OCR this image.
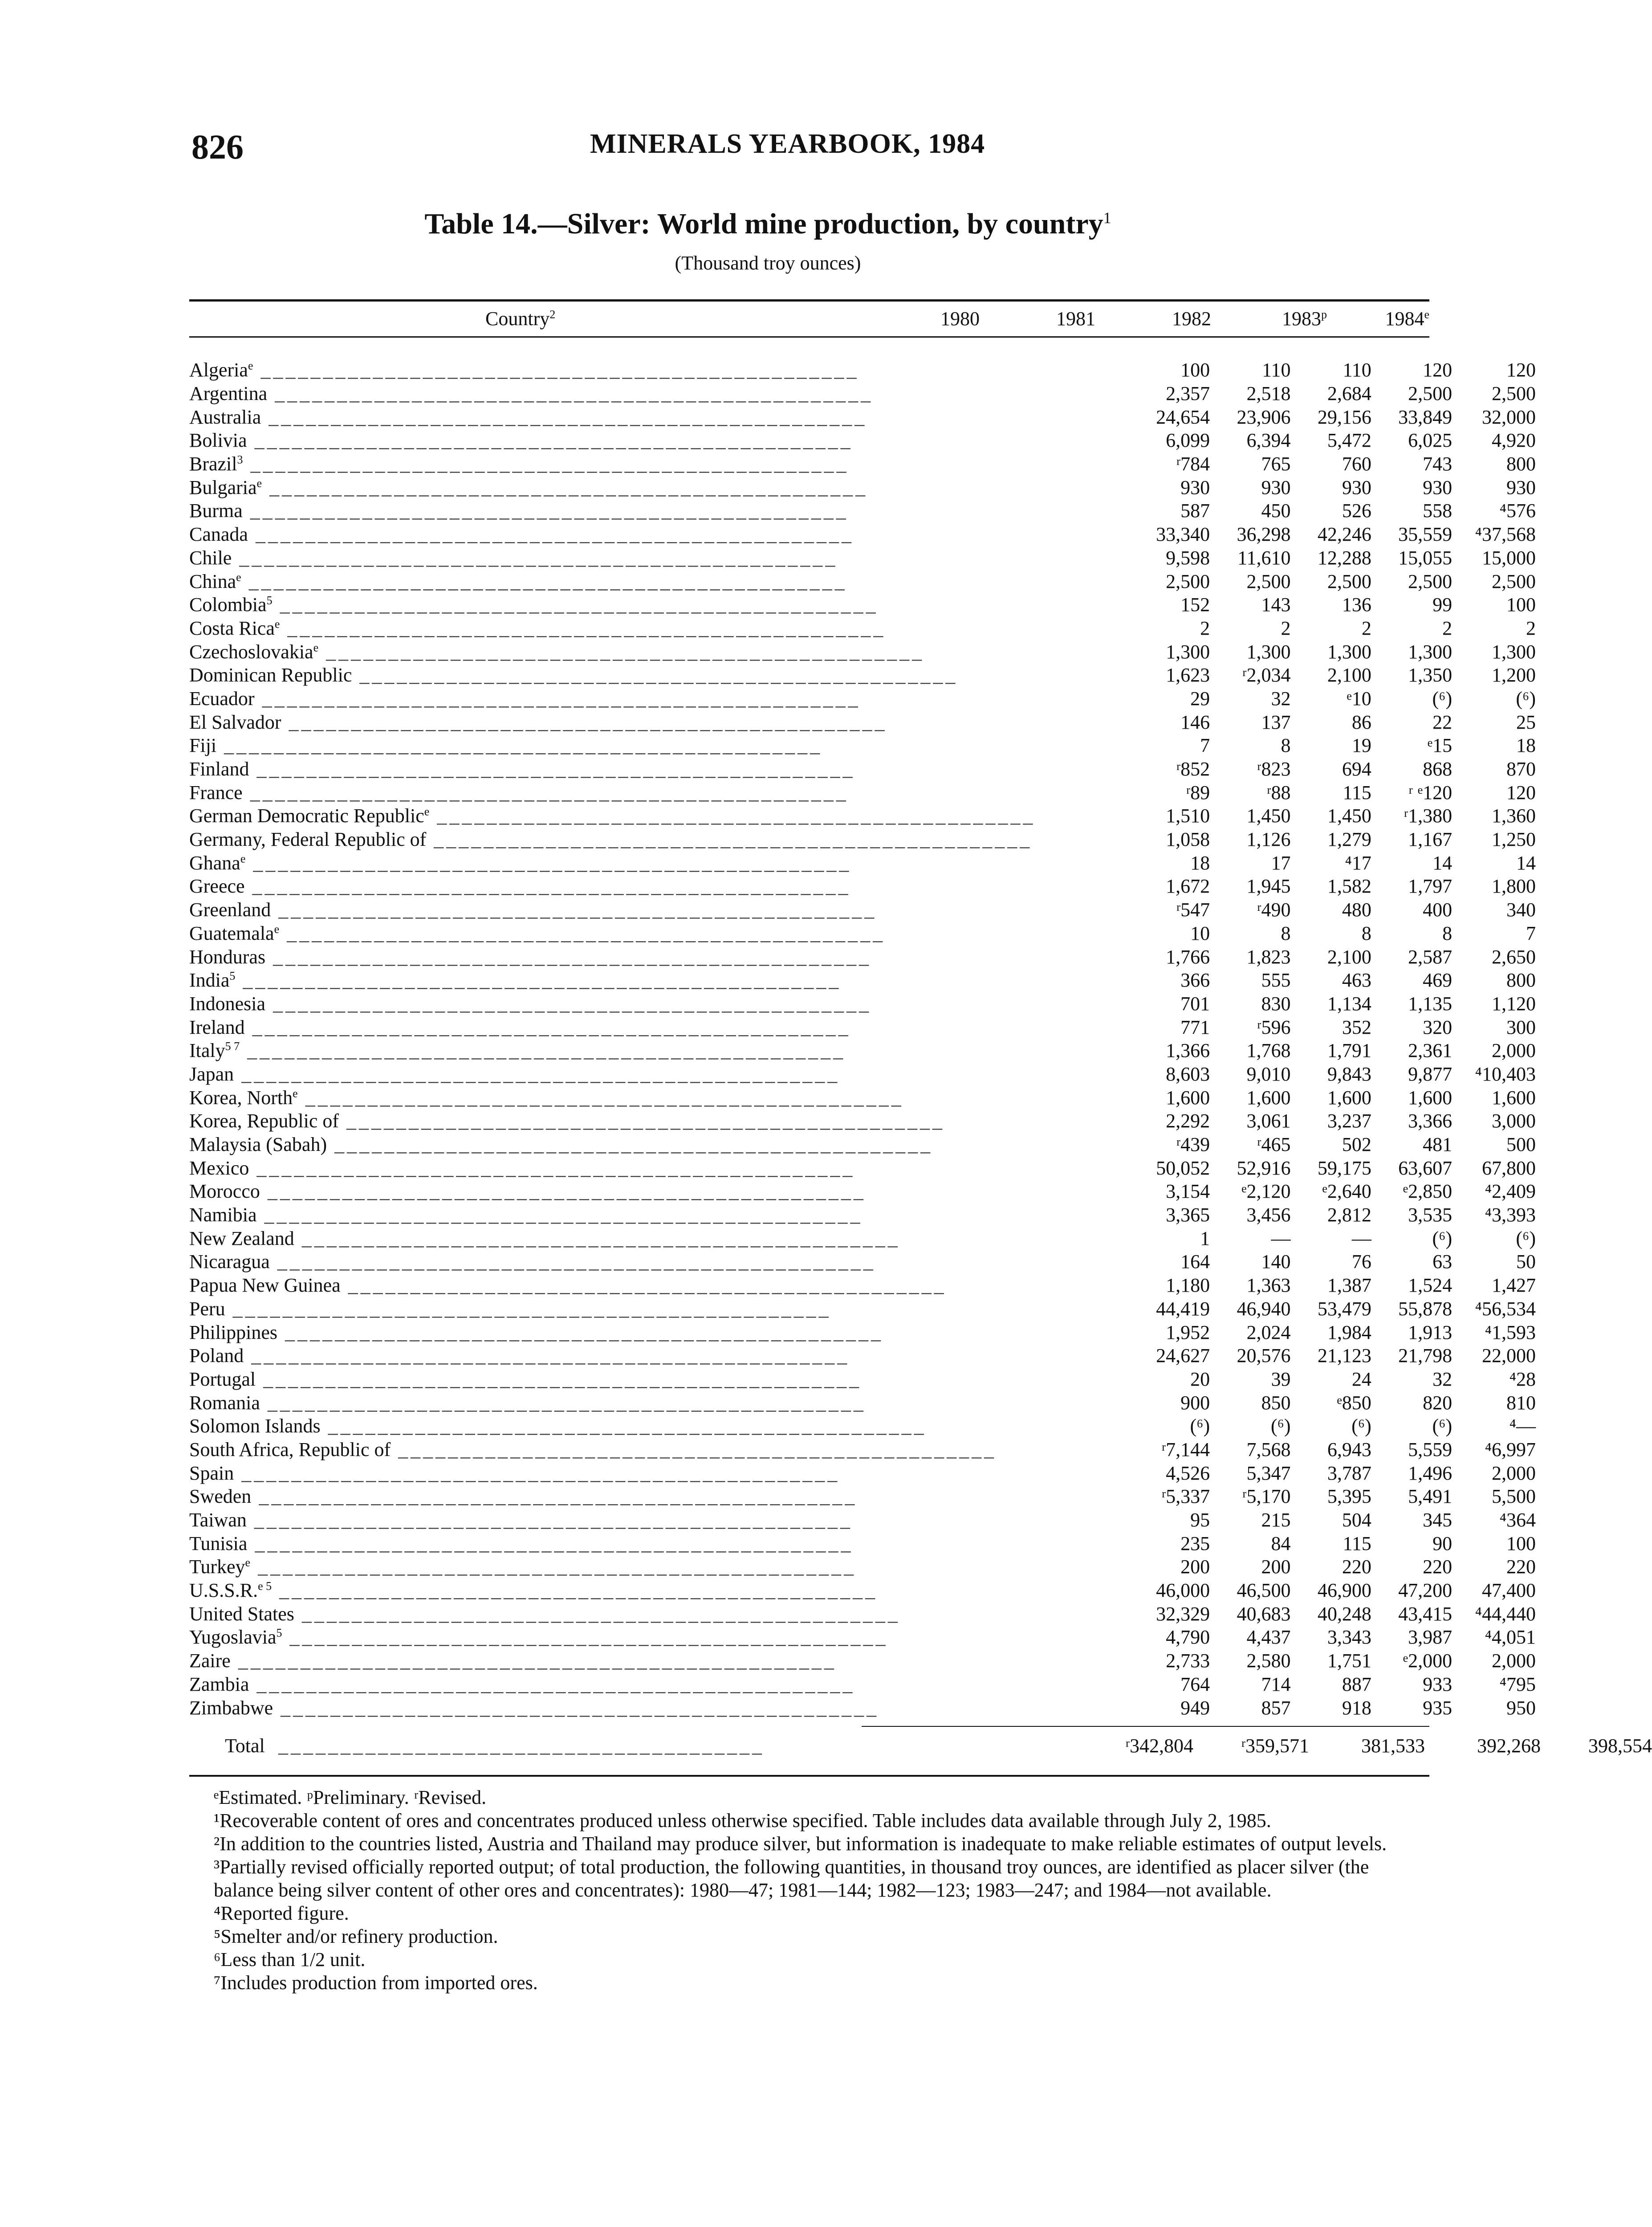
826	MINERALS YEARBOOK, 1984
Table 14.—Silver: World mine production, by country$^1$
(Thousand troy ounces)
Country$^2$	1980	1981	1982	1983$^p$	1984e
Algeria$^e$ ________________________________________________	100	110	110	120	120
Argentina ________________________________________________	2,357	2,518	2,684	2,500	2,500
Australia ________________________________________________	24,654	23,906	29,156	33,849	32,000
Bolivia ________________________________________________	6,099	6,394	5,472	6,025	4,920
Brazil$^3$ ________________________________________________	ʳ784	765	760	743	800
Bulgaria$^e$ ________________________________________________	930	930	930	930	930
Burma ________________________________________________	587	450	526	558	⁴576
Canada ________________________________________________	33,340	36,298	42,246	35,559	⁴37,568
Chile ________________________________________________	9,598	11,610	12,288	15,055	15,000
China$^e$ ________________________________________________	2,500	2,500	2,500	2,500	2,500
Colombia$^5$ ________________________________________________	152	143	136	99	100
Costa Rica$^e$ ________________________________________________	2	2	2	2	2
Czechoslovakia$^e$ ________________________________________________	1,300	1,300	1,300	1,300	1,300
Dominican Republic ________________________________________________	1,623	ʳ2,034	2,100	1,350	1,200
Ecuador ________________________________________________	29	32	ᵉ10	(⁶)	(⁶)
El Salvador ________________________________________________	146	137	86	22	25
Fiji ________________________________________________	7	8	19	ᵉ15	18
Finland ________________________________________________	ʳ852	ʳ823	694	868	870
France ________________________________________________	ʳ89	ʳ88	115	ʳ ᵉ120	120
German Democratic Republic$^e$ ________________________________________________	1,510	1,450	1,450	ʳ1,380	1,360
Germany, Federal Republic of ________________________________________________	1,058	1,126	1,279	1,167	1,250
Ghana$^e$ ________________________________________________	18	17	⁴17	14	14
Greece ________________________________________________	1,672	1,945	1,582	1,797	1,800
Greenland ________________________________________________	ʳ547	ʳ490	480	400	340
Guatemala$^e$ ________________________________________________	10	8	8	8	7
Honduras ________________________________________________	1,766	1,823	2,100	2,587	2,650
India$^5$ ________________________________________________	366	555	463	469	800
Indonesia ________________________________________________	701	830	1,134	1,135	1,120
Ireland ________________________________________________	771	ʳ596	352	320	300
Italy$^{5 7}$ ________________________________________________	1,366	1,768	1,791	2,361	2,000
Japan ________________________________________________	8,603	9,010	9,843	9,877	⁴10,403
Korea, North$^e$ ________________________________________________	1,600	1,600	1,600	1,600	1,600
Korea, Republic of ________________________________________________	2,292	3,061	3,237	3,366	3,000
Malaysia (Sabah) ________________________________________________	ʳ439	ʳ465	502	481	500
Mexico ________________________________________________	50,052	52,916	59,175	63,607	67,800
Morocco ________________________________________________	3,154	ᵉ2,120	ᵉ2,640	ᵉ2,850	⁴2,409
Namibia ________________________________________________	3,365	3,456	2,812	3,535	⁴3,393
New Zealand ________________________________________________	1	—	—	(⁶)	(⁶)
Nicaragua ________________________________________________	164	140	76	63	50
Papua New Guinea ________________________________________________	1,180	1,363	1,387	1,524	1,427
Peru ________________________________________________	44,419	46,940	53,479	55,878	⁴56,534
Philippines ________________________________________________	1,952	2,024	1,984	1,913	⁴1,593
Poland ________________________________________________	24,627	20,576	21,123	21,798	22,000
Portugal ________________________________________________	20	39	24	32	⁴28
Romania ________________________________________________	900	850	ᵉ850	820	810
Solomon Islands ________________________________________________	(⁶)	(⁶)	(⁶)	(⁶)	⁴—
South Africa, Republic of ________________________________________________	ʳ7,144	7,568	6,943	5,559	⁴6,997
Spain ________________________________________________	4,526	5,347	3,787	1,496	2,000
Sweden ________________________________________________	ʳ5,337	ʳ5,170	5,395	5,491	5,500
Taiwan ________________________________________________	95	215	504	345	⁴364
Tunisia ________________________________________________	235	84	115	90	100
Turkey$^e$ ________________________________________________	200	200	220	220	220
U.S.S.R.$^{e 5}$ ________________________________________________	46,000	46,500	46,900	47,200	47,400
United States ________________________________________________	32,329	40,683	40,248	43,415	⁴44,440
Yugoslavia$^5$ ________________________________________________	4,790	4,437	3,343	3,987	⁴4,051
Zaire ________________________________________________	2,733	2,580	1,751	ᵉ2,000	2,000
Zambia ________________________________________________	764	714	887	933	⁴795
Zimbabwe ________________________________________________	949	857	918	935	950
Total _______________________________________	ʳ342,804	ʳ359,571	381,533	392,268	398,554

ᵉEstimated. ᵖPreliminary. ʳRevised.

¹Recoverable content of ores and concentrates produced unless otherwise specified. Table includes data available through July 2, 1985.

²In addition to the countries listed, Austria and Thailand may produce silver, but information is inadequate to make reliable estimates of output levels.

³Partially revised officially reported output; of total production, the following quantities, in thousand troy ounces, are identified as placer silver (the balance being silver content of other ores and concentrates): 1980—47; 1981—144; 1982—123; 1983—247; and 1984—not available.

⁴Reported figure.

⁵Smelter and/or refinery production.

⁶Less than 1/2 unit.

⁷Includes production from imported ores.
